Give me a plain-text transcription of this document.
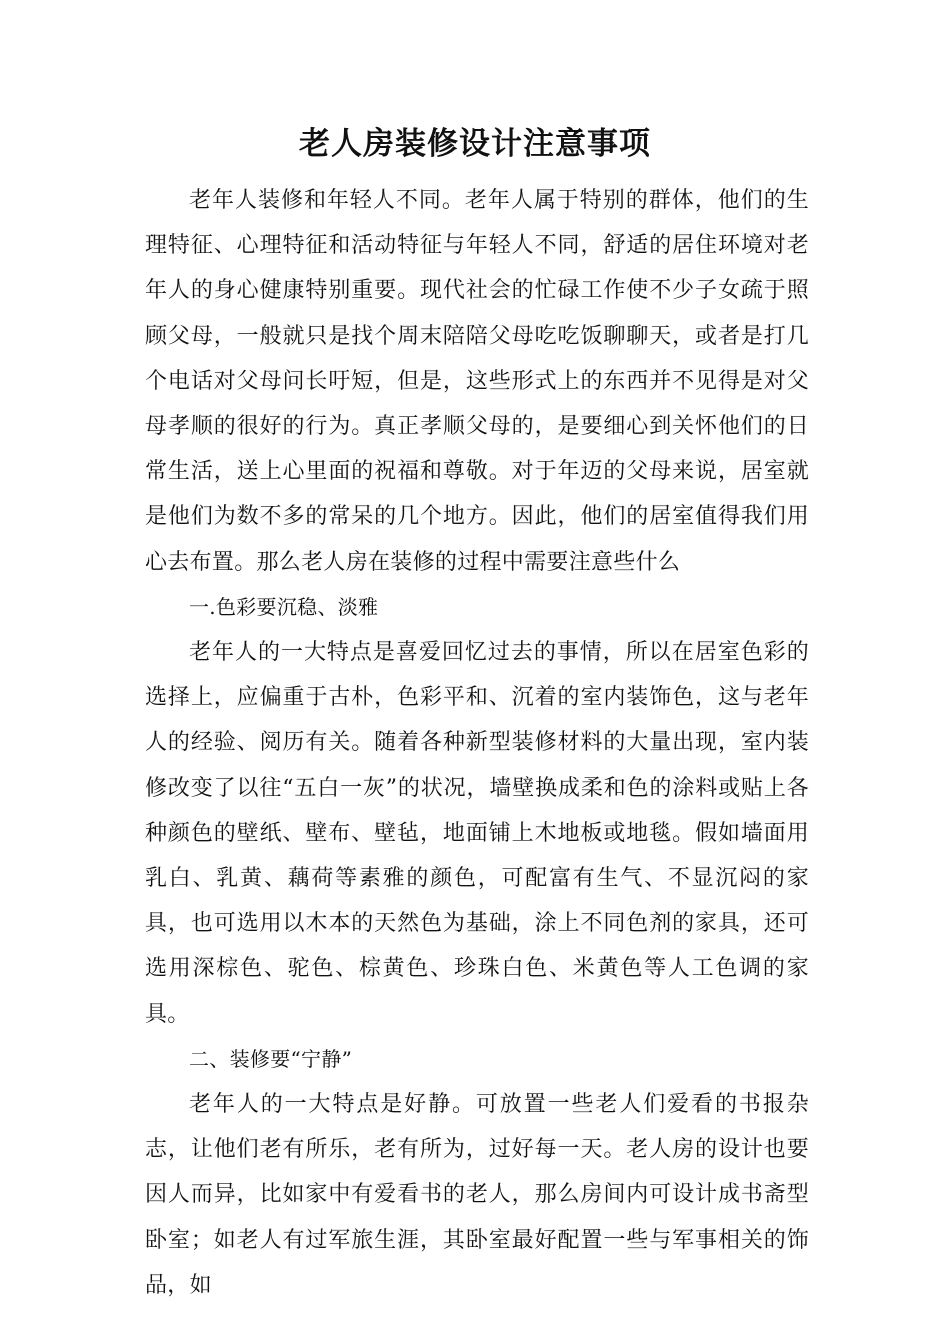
老人房装修设计注意事项

老年人装修和年轻人不同。老年人属于特别的群体，他们的生理特征、心理特征和活动特征与年轻人不同，舒适的居住环境对老年人的身心健康特别重要。现代社会的忙碌工作使不少子女疏于照顾父母，一般就只是找个周末陪陪父母吃吃饭聊聊天，或者是打几个电话对父母问长吁短，但是，这些形式上的东西并不见得是对父母孝顺的很好的行为。真正孝顺父母的，是要细心到关怀他们的日常生活，送上心里面的祝福和尊敬。对于年迈的父母来说，居室就是他们为数不多的常呆的几个地方。因此，他们的居室值得我们用心去布置。那么老人房在装修的过程中需要注意些什么

一.色彩要沉稳、淡雅

老年人的一大特点是喜爱回忆过去的事情，所以在居室色彩的选择上，应偏重于古朴，色彩平和、沉着的室内装饰色，这与老年人的经验、阅历有关。随着各种新型装修材料的大量出现，室内装修改变了以往“五白一灰”的状况，墙壁换成柔和色的涂料或贴上各种颜色的壁纸、壁布、壁毡，地面铺上木地板或地毯。假如墙面用乳白、乳黄、藕荷等素雅的颜色，可配富有生气、不显沉闷的家具，也可选用以木本的天然色为基础，涂上不同色剂的家具，还可选用深棕色、驼色、棕黄色、珍珠白色、米黄色等人工色调的家具。

二、装修要“宁静”

老年人的一大特点是好静。可放置一些老人们爱看的书报杂志，让他们老有所乐，老有所为，过好每一天。老人房的设计也要因人而异，比如家中有爱看书的老人，那么房间内可设计成书斋型卧室；如老人有过军旅生涯，其卧室最好配置一些与军事相关的饰品，如
